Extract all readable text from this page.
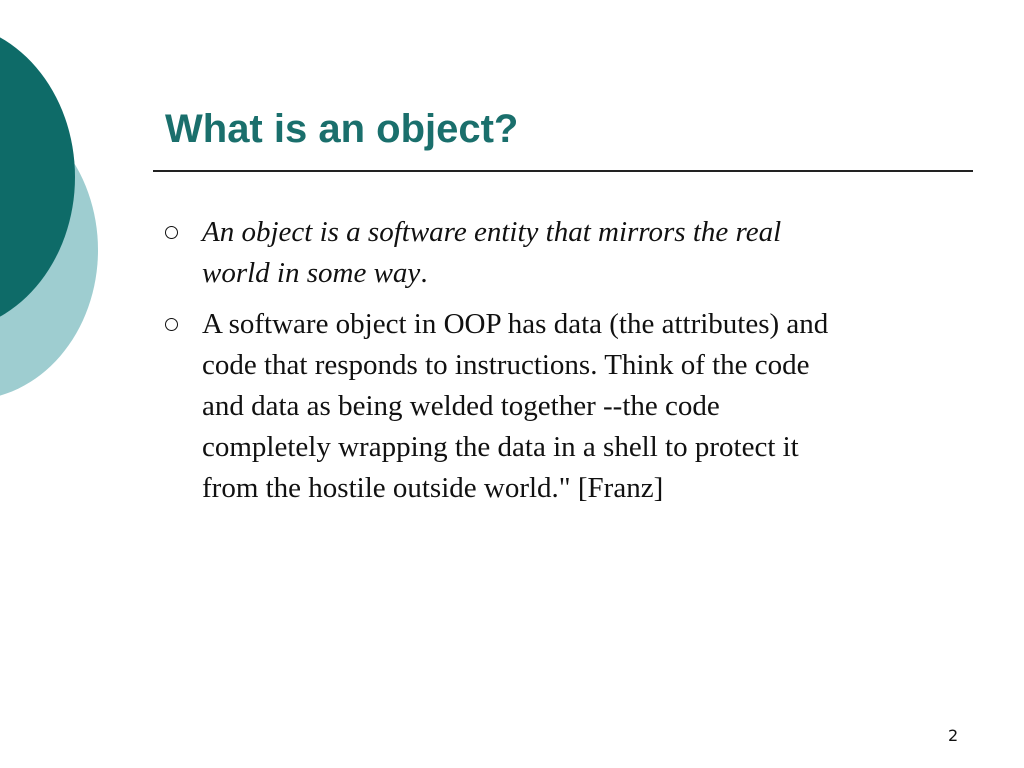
What is an object?
An object is a software entity that mirrors the real
world in some way.
A software object in OOP has data (the attributes) and
code that responds to instructions. Think of the code
and data as being welded together --the code
completely wrapping the data in a shell to protect it
from the hostile outside world." [Franz]
2
